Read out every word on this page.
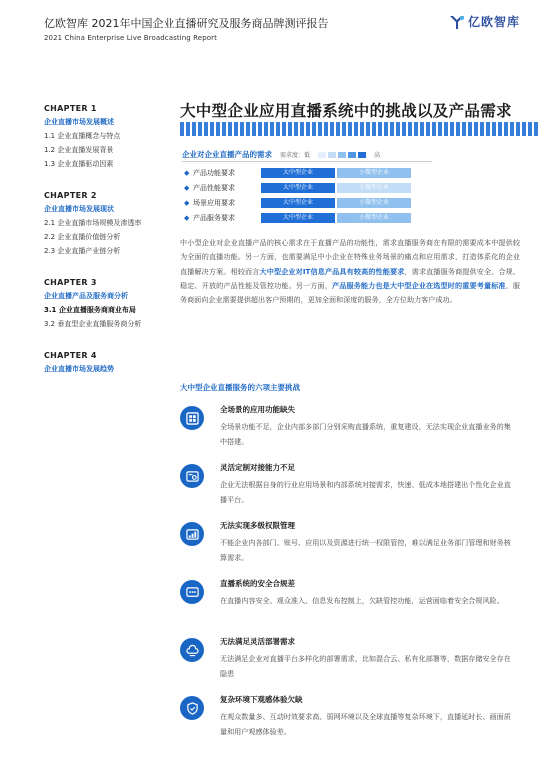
亿欧智库 2021年中国企业直播研究及服务商品牌测评报告
2021 China Enterprise Live Broadcasting Report
亿欧智库
CHAPTER 1
企业直播市场发展概述
1.1 企业直播概念与特点
1.2 企业直播发展背景
1.3 企业直播驱动因素
CHAPTER 2
企业直播市场发展现状
2.1 企业直播市场规模及渗透率
2.2 企业直播价值链分析
2.3 企业直播产业链分析
CHAPTER 3
企业直播产品及服务商分析
3.1 企业直播服务商商业布局
3.2 垂直型企业直播服务商分析
CHAPTER 4
企业直播市场发展趋势
大中型企业应用直播系统中的挑战以及产品需求
企业对企业直播产品的需求 需求度：低	高
◆ 产品功能要求	大中型企业	小微型企业
◆ 产品性能要求	大中型企业	小微型企业
◆ 场景应用要求	大中型企业	小微型企业
◆ 产品服务要求	大中型企业	小微型企业
中小型企业对企业直播产品的核心需求在于直播产品的功能性，需求直播服务商在有限的需要成本中提供较为全面的直播功能。另一方面，也需要满足中小企业在特殊业务场景的痛点和应用需求，打造体系化的企业直播解决方案。相较而言大中型企业对IT信息产品具有较高的性能要求，需求直播服务商提供安全、合规、稳定、开放的产品性能及管控功能。另一方面，产品服务能力也是大中型企业在选型时的重要考量标准，服务商面向企业需要提供超出客户预期的，更加全面和深度的服务，全方位助力客户成功。
大中型企业直播服务的六项主要挑战
全场景的应用功能缺失
全场景功能不足，企业内部多部门分别采购直播系统，重复建设，无法实现企业直播业务的集中搭建。
灵活定制对接能力不足
企业无法根据自身的行业应用场景和内部系统对接需求，快速、低成本地搭建出个性化企业直播平台。
无法实现多级权限管理
不能企业内各部门、账号、应用以及资源进行统一权限管控，难以满足业务部门管理和财务核算需求。
直播系统的安全合规差
在直播内容安全、观众准入、信息发布控制上，欠缺管控功能，运营面临着安全合规风险。
无法满足灵活部署需求
无法满足企业对直播平台多样化的部署需求，比如混合云、私有化部署等，数据存储安全存在隐患
复杂环境下观感体验欠缺
在观众数量多、互动时效要求高、弱网环境以及全球直播等复杂环境下，直播延时长、画面质量和用户观感体验差。
